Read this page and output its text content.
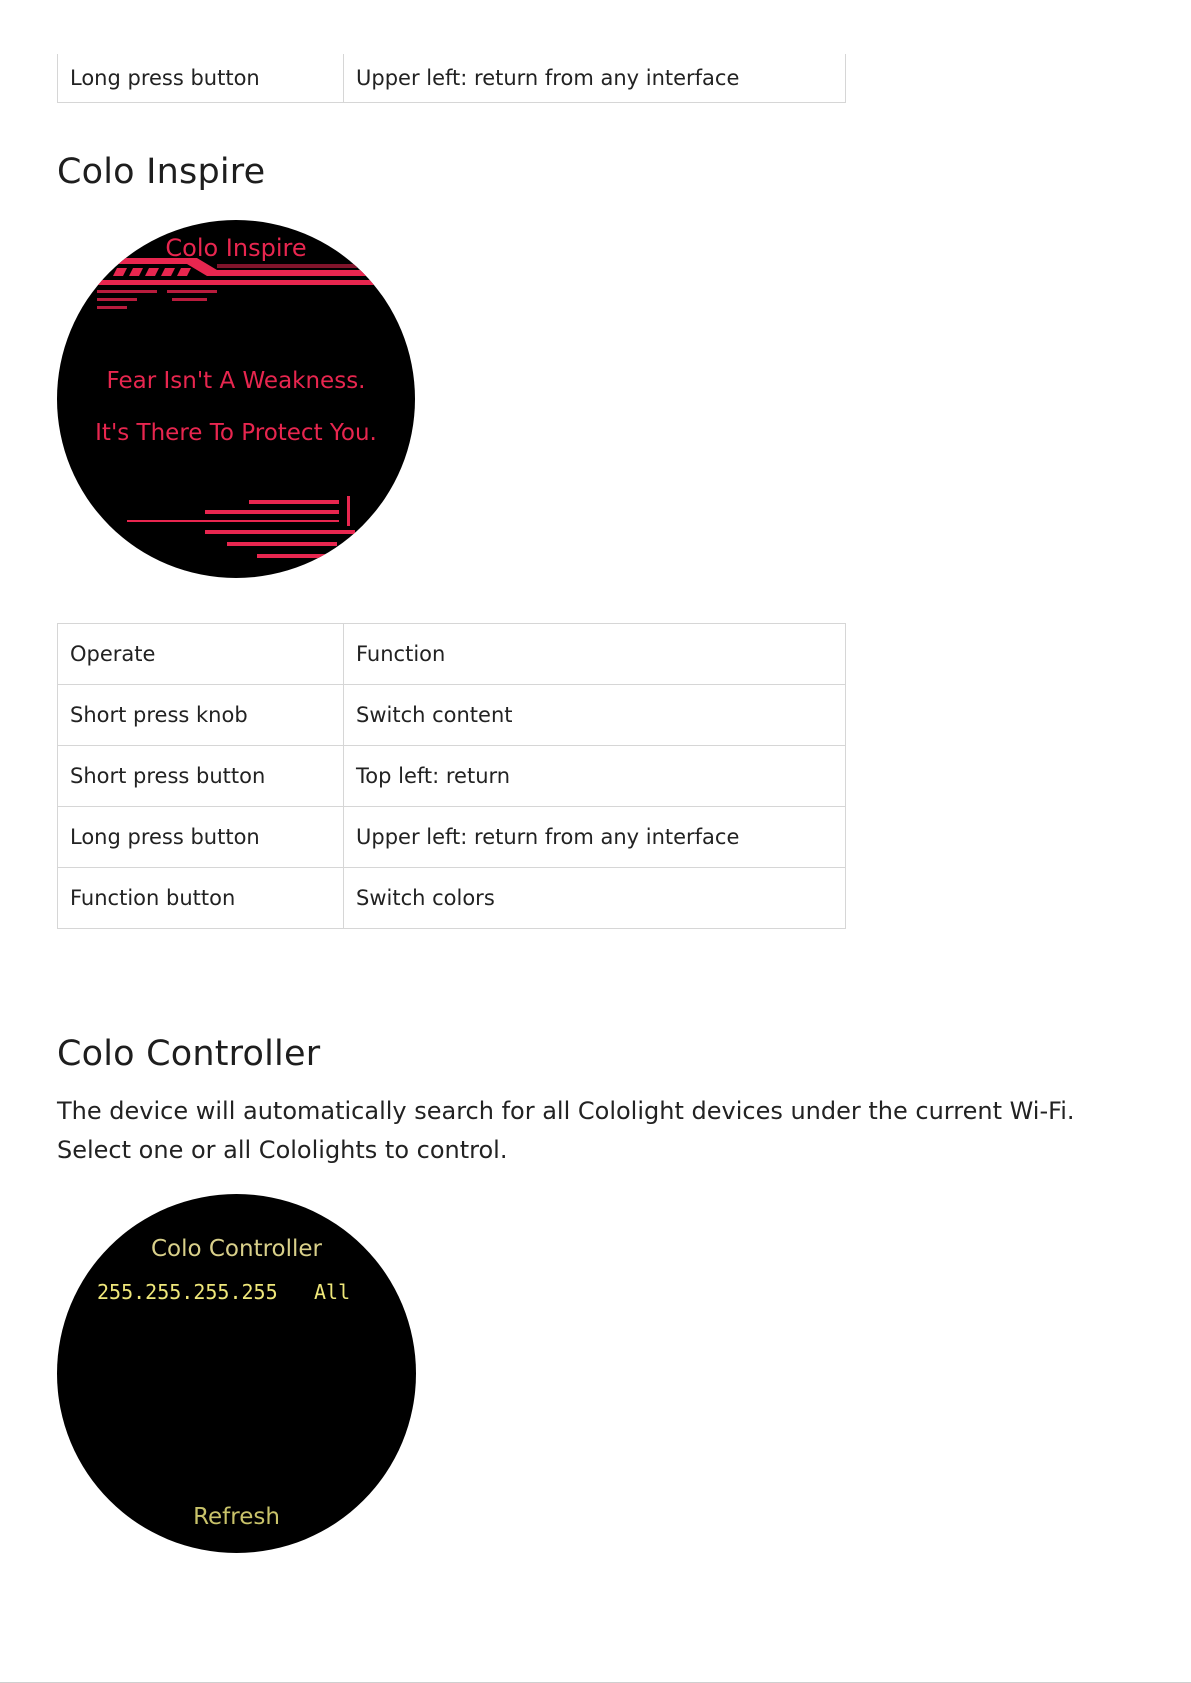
Long press button	Upper left: return from any interface
Colo Inspire
Colo Inspire
Fear Isn't A Weakness.
It's There To Protect You.
Operate	Function
Short press knob	Switch content
Short press button	Top left: return
Long press button	Upper left: return from any interface
Function button	Switch colors
Colo Controller

The device will automatically search for all Cololight devices under the current Wi-Fi. Select one or all Cololights to control.

Colo Controller
255.255.255.255 All
Refresh
